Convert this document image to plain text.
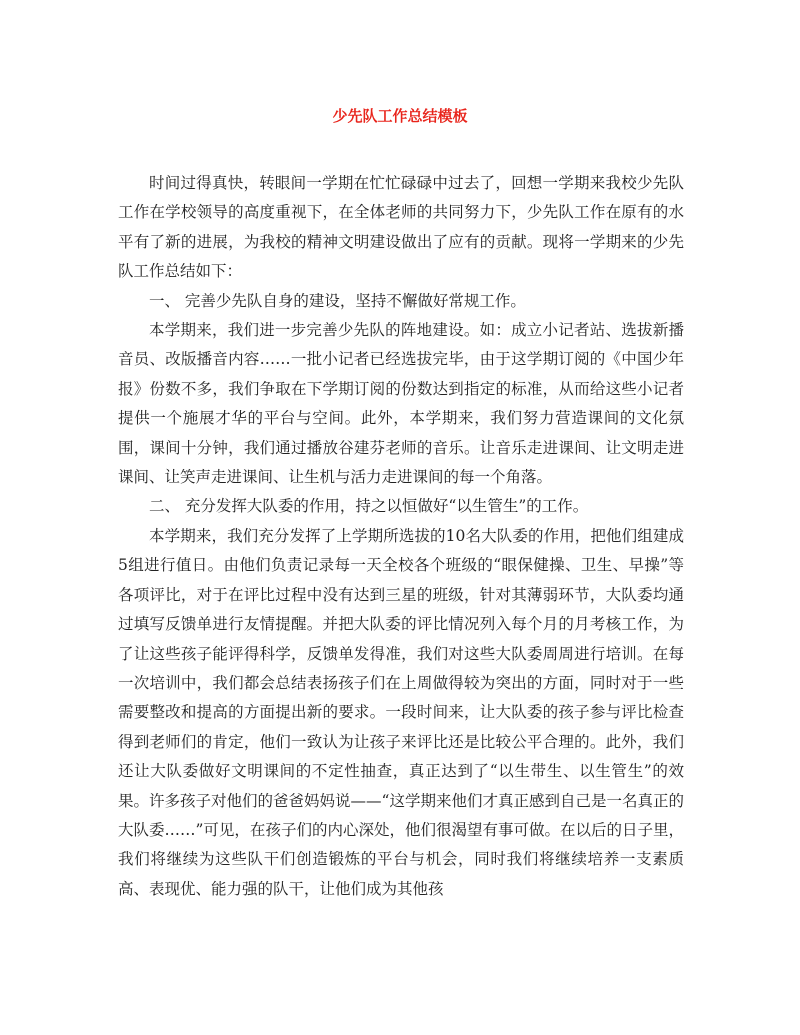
少先队工作总结模板

时间过得真快，转眼间一学期在忙忙碌碌中过去了，回想一学期来我校少先队工作在学校领导的高度重视下，在全体老师的共同努力下，少先队工作在原有的水平有了新的进展，为我校的精神文明建设做出了应有的贡献。现将一学期来的少先队工作总结如下：

一、 完善少先队自身的建设，坚持不懈做好常规工作。

本学期来，我们进一步完善少先队的阵地建设。如：成立小记者站、选拔新播音员、改版播音内容……一批小记者已经选拔完毕，由于这学期订阅的《中国少年报》份数不多，我们争取在下学期订阅的份数达到指定的标准，从而给这些小记者提供一个施展才华的平台与空间。此外，本学期来，我们努力营造课间的文化氛围，课间十分钟，我们通过播放谷建芬老师的音乐。让音乐走进课间、让文明走进课间、让笑声走进课间、让生机与活力走进课间的每一个角落。

二、 充分发挥大队委的作用，持之以恒做好“以生管生”的工作。

本学期来，我们充分发挥了上学期所选拔的10名大队委的作用，把他们组建成5组进行值日。由他们负责记录每一天全校各个班级的“眼保健操、卫生、早操”等各项评比，对于在评比过程中没有达到三星的班级，针对其薄弱环节，大队委均通过填写反馈单进行友情提醒。并把大队委的评比情况列入每个月的月考核工作，为了让这些孩子能评得科学，反馈单发得准，我们对这些大队委周周进行培训。在每一次培训中，我们都会总结表扬孩子们在上周做得较为突出的方面，同时对于一些需要整改和提高的方面提出新的要求。一段时间来，让大队委的孩子参与评比检查得到老师们的肯定，他们一致认为让孩子来评比还是比较公平合理的。此外，我们还让大队委做好文明课间的不定性抽查，真正达到了“以生带生、以生管生”的效果。许多孩子对他们的爸爸妈妈说——“这学期来他们才真正感到自己是一名真正的大队委……”可见，在孩子们的内心深处，他们很渴望有事可做。在以后的日子里，我们将继续为这些队干们创造锻炼的平台与机会，同时我们将继续培养一支素质高、表现优、能力强的队干，让他们成为其他孩
